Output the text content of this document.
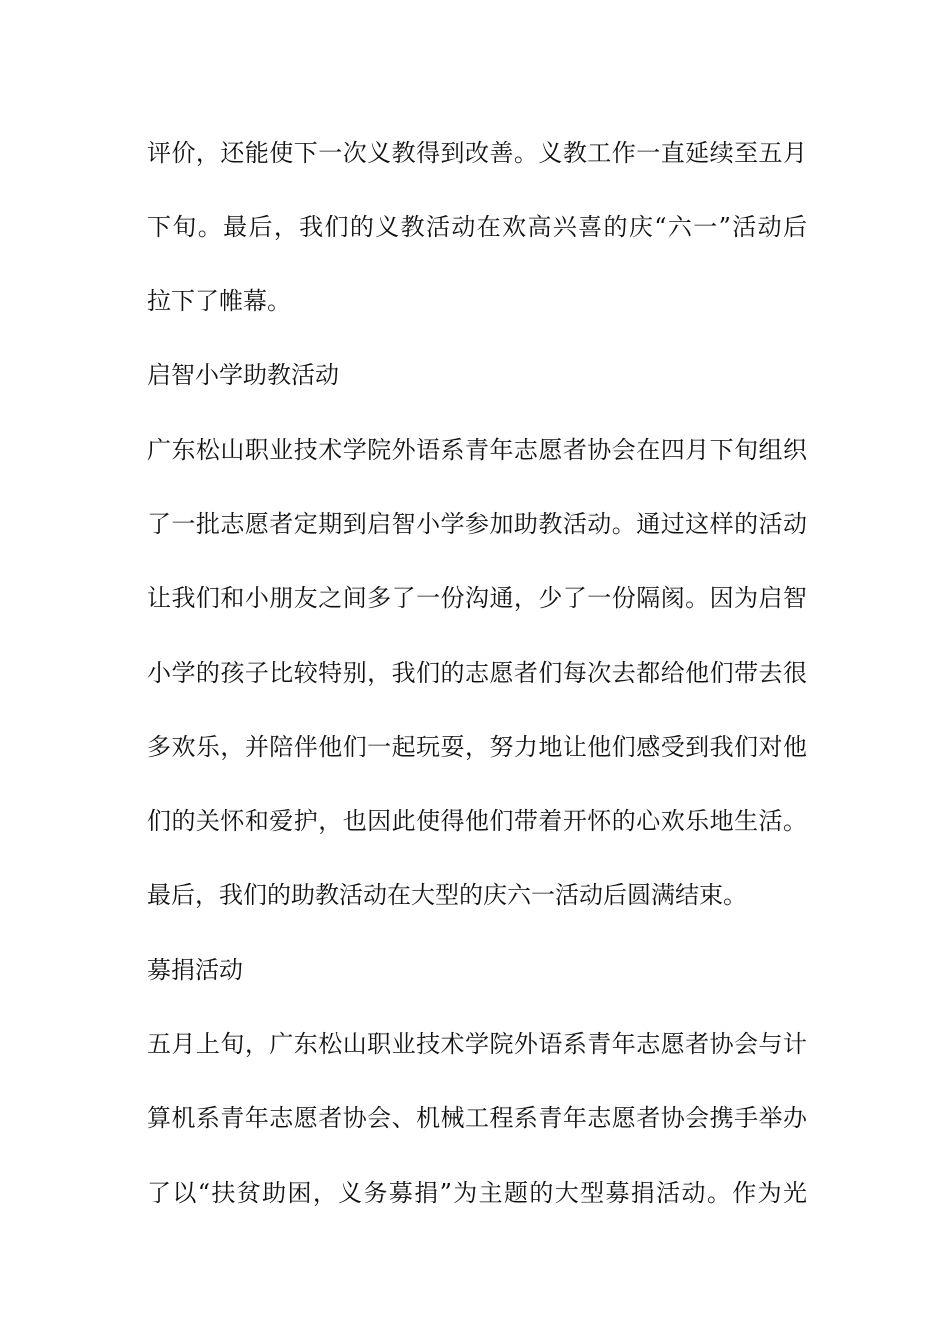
评价，还能使下一次义教得到改善。义教工作一直延续至五月
下旬。最后，我们的义教活动在欢高兴喜的庆“六一”活动后
拉下了帷幕。
启智小学助教活动
广东松山职业技术学院外语系青年志愿者协会在四月下旬组织
了一批志愿者定期到启智小学参加助教活动。通过这样的活动
让我们和小朋友之间多了一份沟通，少了一份隔阂。因为启智
小学的孩子比较特别，我们的志愿者们每次去都给他们带去很
多欢乐，并陪伴他们一起玩耍，努力地让他们感受到我们对他
们的关怀和爱护，也因此使得他们带着开怀的心欢乐地生活。
最后，我们的助教活动在大型的庆六一活动后圆满结束。
募捐活动
五月上旬，广东松山职业技术学院外语系青年志愿者协会与计
算机系青年志愿者协会、机械工程系青年志愿者协会携手举办
了以“扶贫助困，义务募捐”为主题的大型募捐活动。作为光
